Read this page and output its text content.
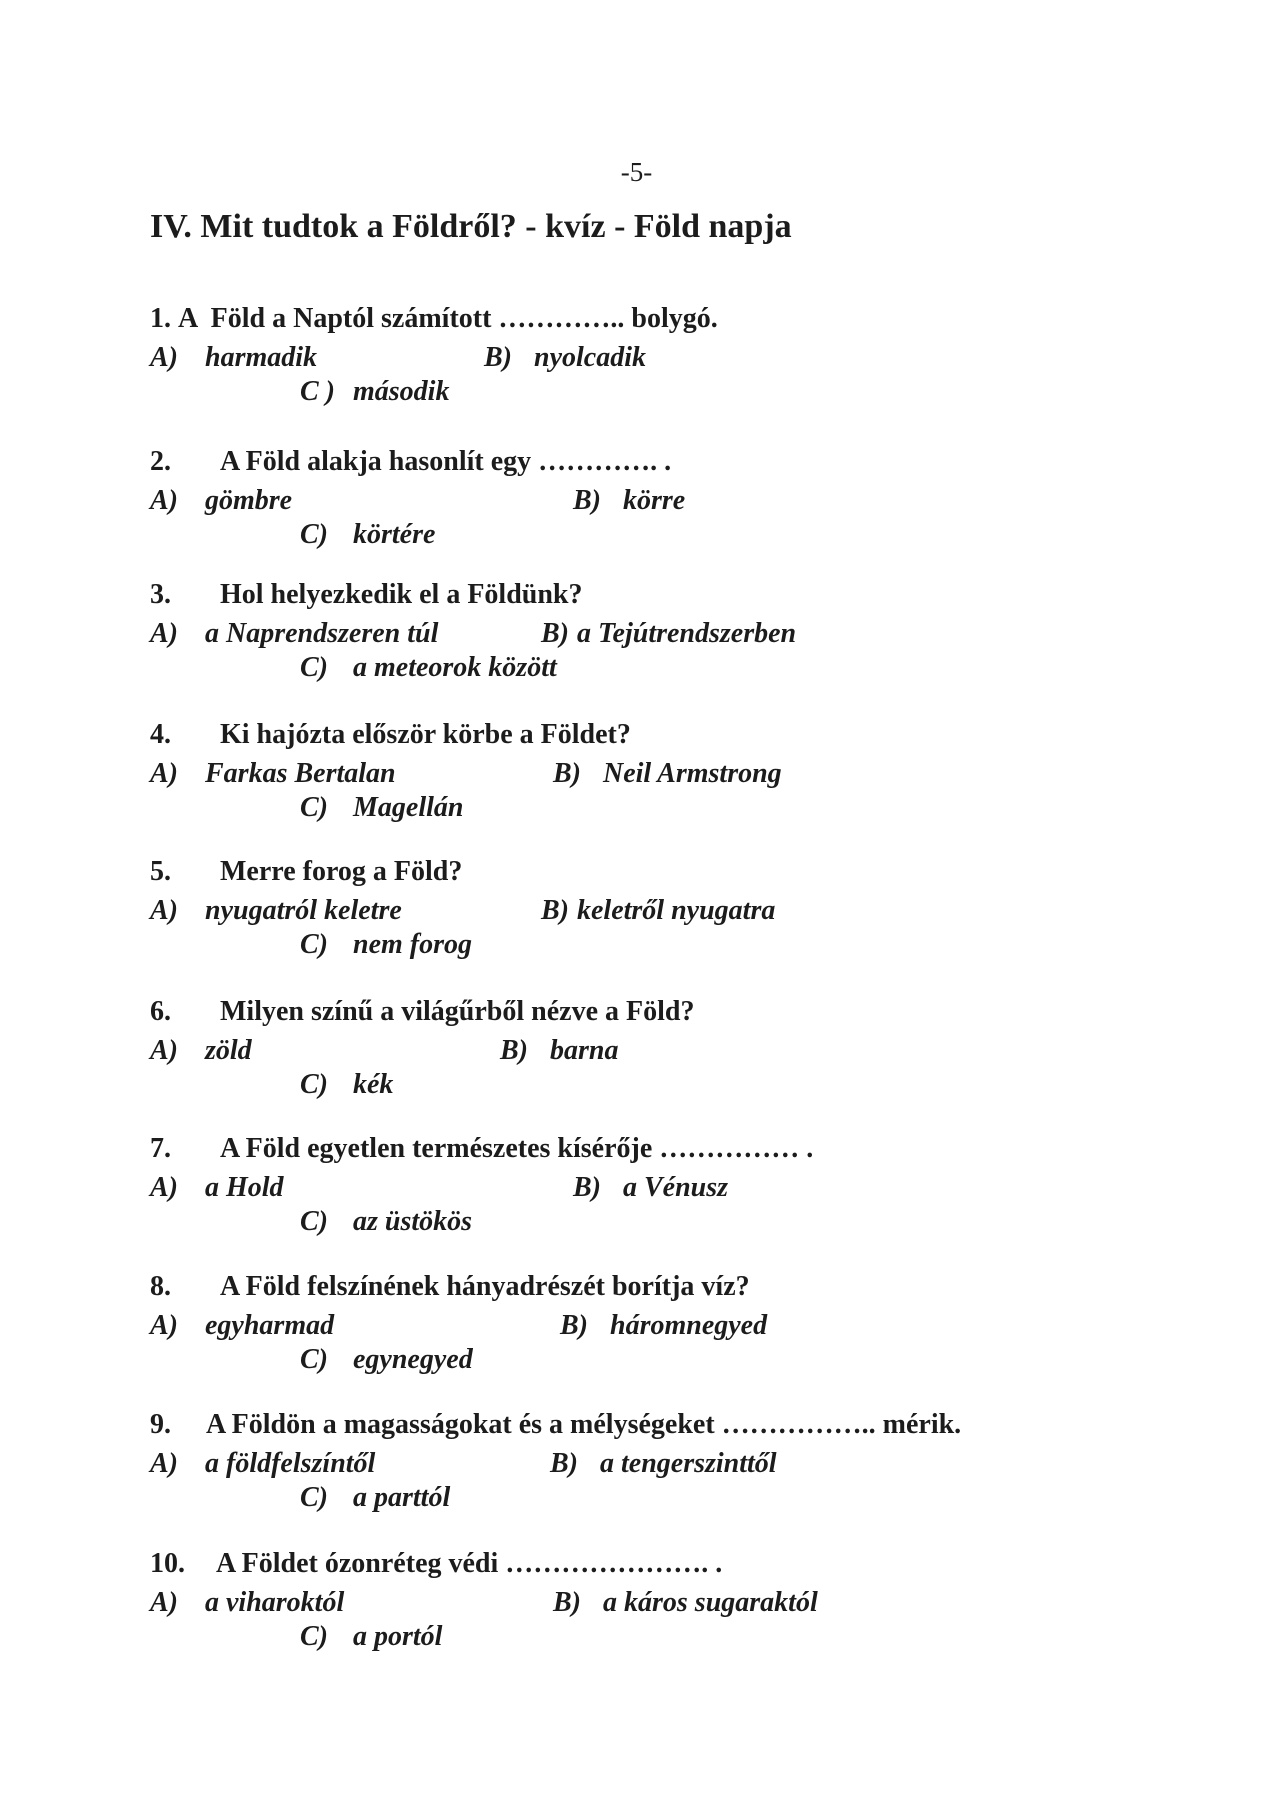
-5-
IV. Mit tudtok a Földről? - kvíz - Föld napja
1. A  Föld a Naptól számított ………….. bolygó.
A) harmadik	B) nyolcadik
C ) második
2. A Föld alakja hasonlít egy …………. .
A) gömbre	B) körre
C) körtére
3. Hol helyezkedik el a Földünk?
A) a Naprendszeren túl	B) a Tejútrendszerben
C) a meteorok között
4. Ki hajózta először körbe a Földet?
A) Farkas Bertalan	B) Neil Armstrong
C) Magellán
5. Merre forog a Föld?
A) nyugatról keletre	B) keletről nyugatra
C) nem forog
6. Milyen színű a világűrből nézve a Föld?
A) zöld	B) barna
C) kék
7. A Föld egyetlen természetes kísérője …………… .
A) a Hold	B) a Vénusz
C) az üstökös
8. A Föld felszínének hányadrészét borítja víz?
A) egyharmad	B) háromnegyed
C) egynegyed
9. A Földön a magasságokat és a mélységeket …………….. mérik.
A) a földfelszíntől	B) a tengerszinttől
C) a parttól
10. A Földet ózonréteg védi …………………. .
A) a viharoktól	B) a káros sugaraktól
C) a portól
